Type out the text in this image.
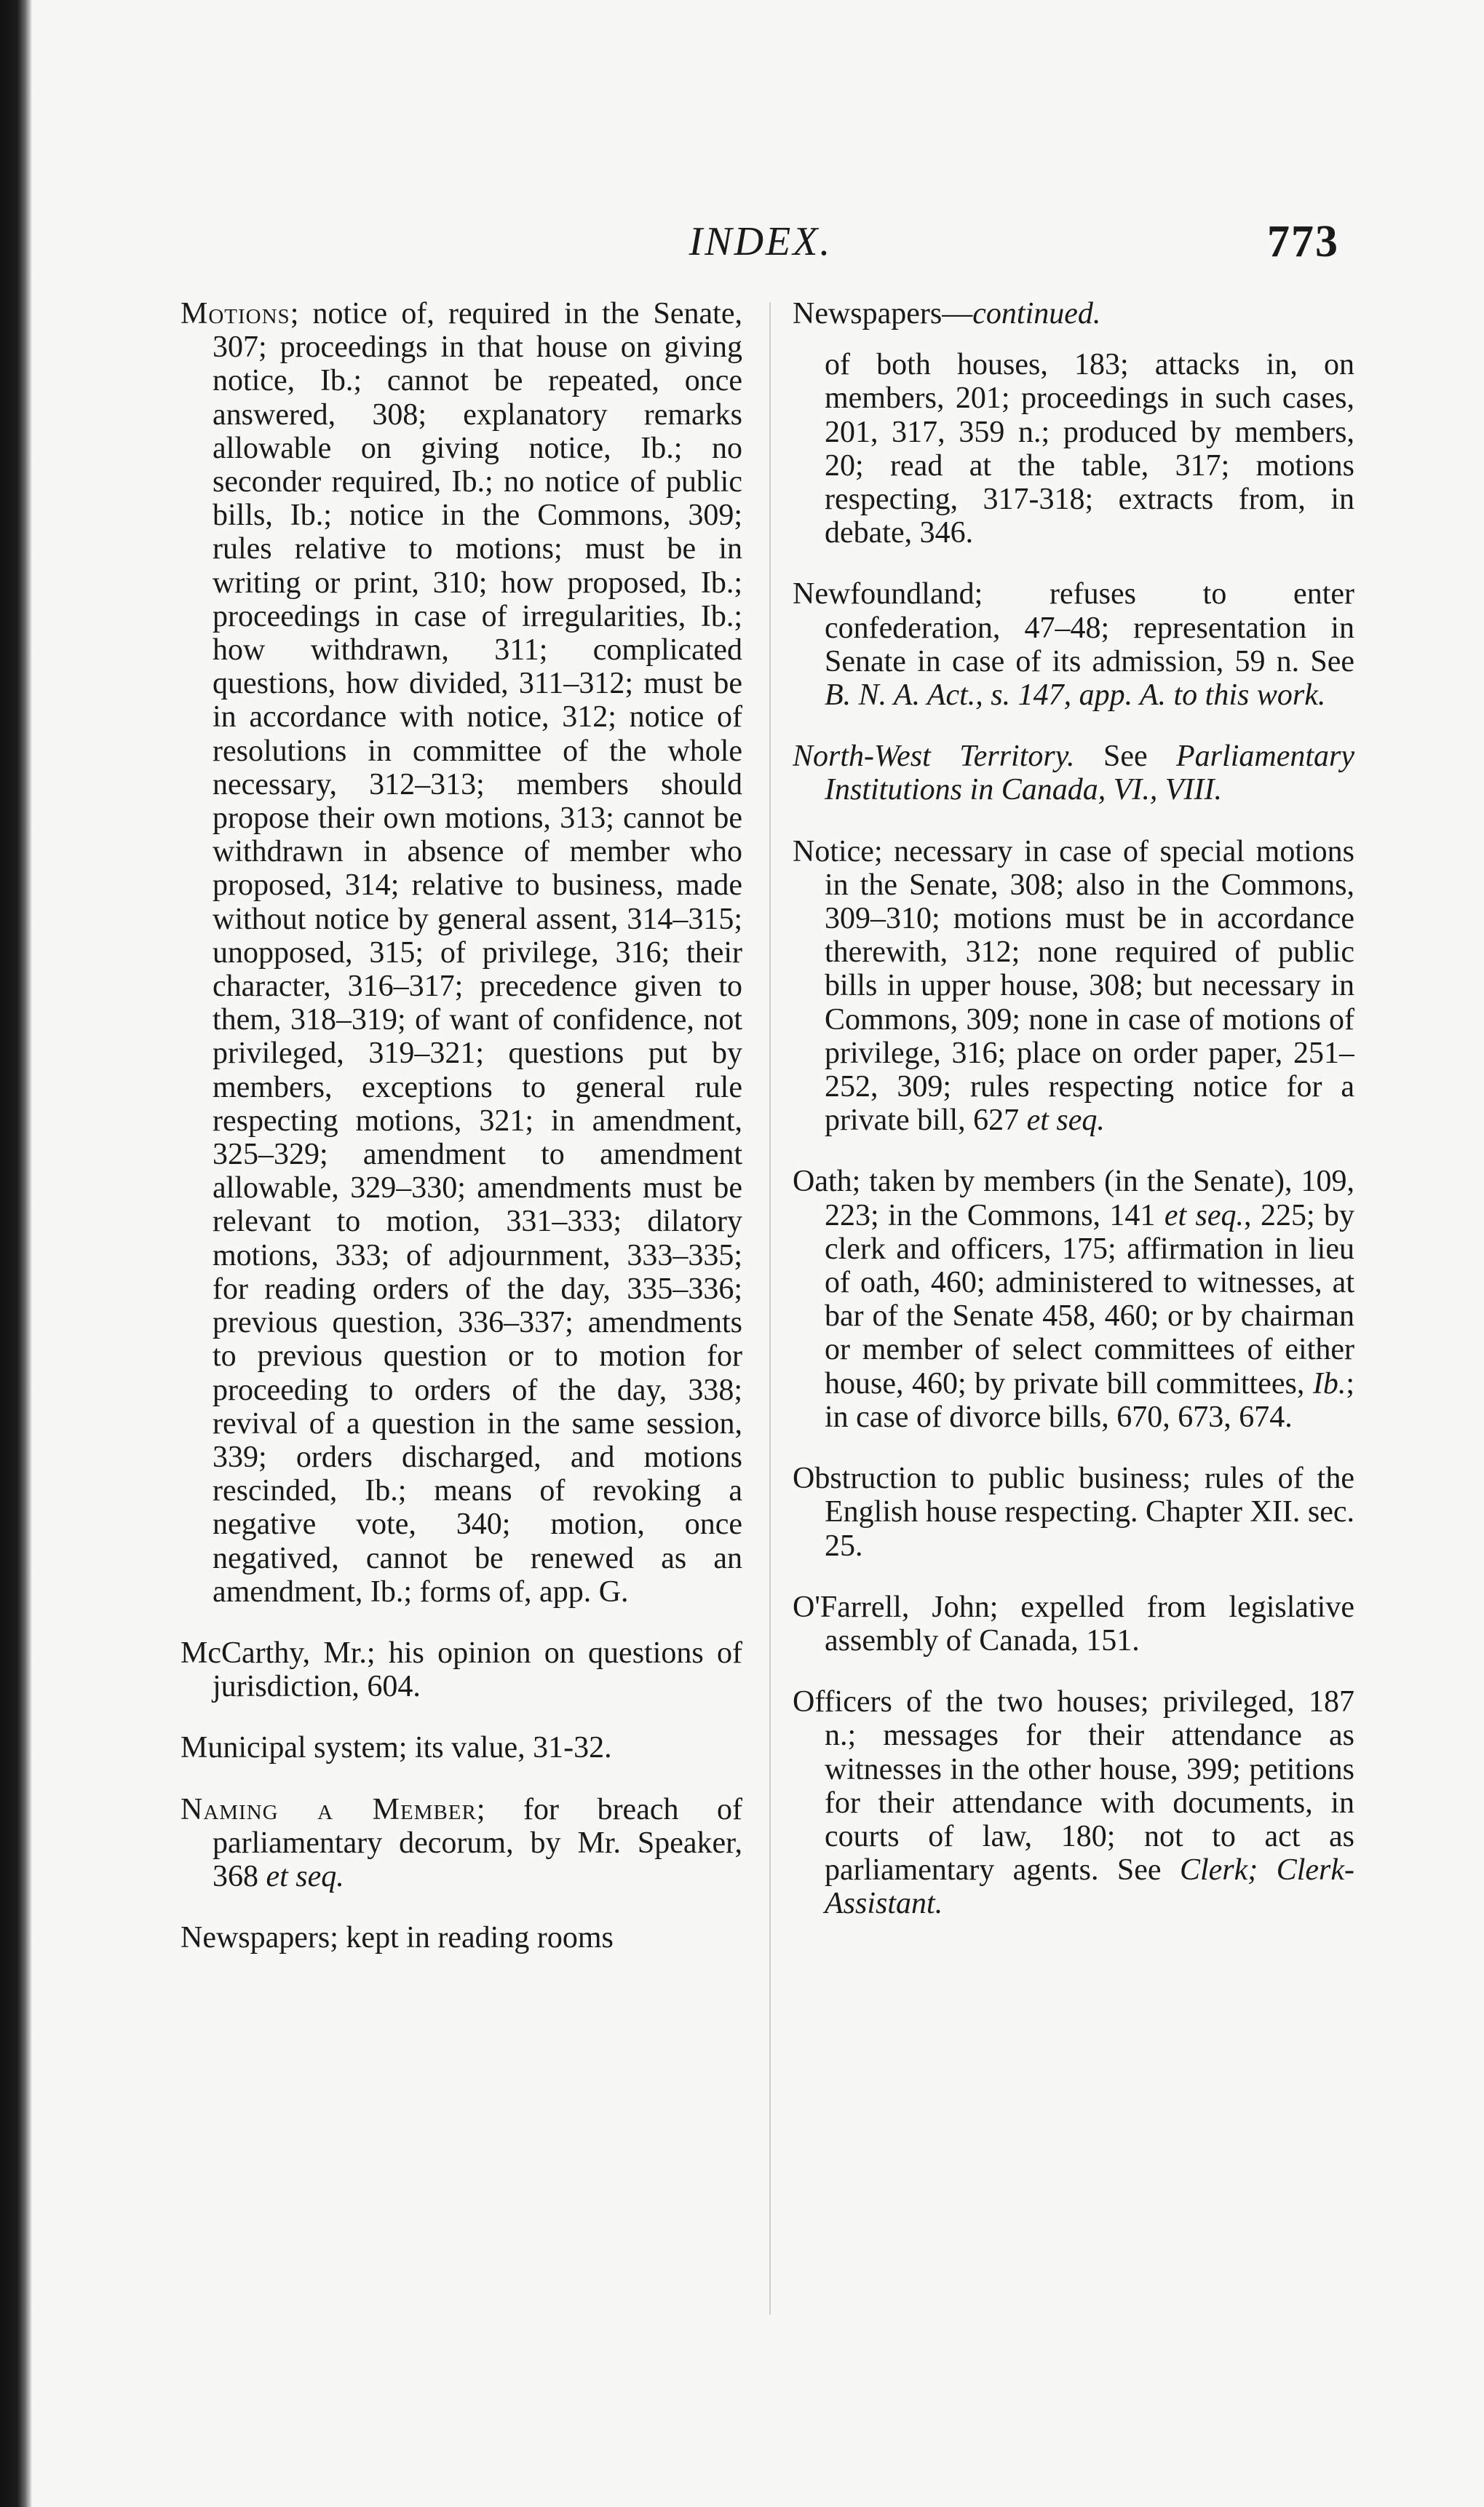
INDEX.	773

Motions; notice of, required in the Senate, 307; proceedings in that house on giving notice, Ib.; cannot be repeated, once answered, 308; explanatory remarks allowable on giving notice, Ib.; no seconder required, Ib.; no notice of public bills, Ib.; notice in the Commons, 309; rules relative to motions; must be in writing or print, 310; how proposed, Ib.; proceedings in case of irregularities, Ib.; how withdrawn, 311; complicated questions, how divided, 311–312; must be in accordance with notice, 312; notice of resolutions in committee of the whole necessary, 312–313; members should propose their own motions, 313; cannot be withdrawn in absence of member who proposed, 314; relative to business, made without notice by general assent, 314–315; unopposed, 315; of privilege, 316; their character, 316–317; precedence given to them, 318–319; of want of confidence, not privileged, 319–321; questions put by members, exceptions to general rule respecting motions, 321; in amendment, 325–329; amendment to amendment allowable, 329–330; amendments must be relevant to motion, 331–333; dilatory motions, 333; of adjournment, 333–335; for reading orders of the day, 335–336; previous question, 336–337; amendments to previous question or to motion for proceeding to orders of the day, 338; revival of a question in the same session, 339; orders discharged, and motions rescinded, Ib.; means of revoking a negative vote, 340; motion, once negatived, cannot be renewed as an amendment, Ib.; forms of, app. G.

McCarthy, Mr.; his opinion on questions of jurisdiction, 604.

Municipal system; its value, 31-32.

Naming a Member; for breach of parliamentary decorum, by Mr. Speaker, 368 et seq.

Newspapers; kept in reading rooms

Newspapers—continued.

of both houses, 183; attacks in, on members, 201; proceedings in such cases, 201, 317, 359 n.; produced by members, 20; read at the table, 317; motions respecting, 317-318; extracts from, in debate, 346.

Newfoundland; refuses to enter confederation, 47–48; representation in Senate in case of its admission, 59 n. See B. N. A. Act., s. 147, app. A. to this work.

North-West Territory. See Parliamentary Institutions in Canada, VI., VIII.

Notice; necessary in case of special motions in the Senate, 308; also in the Commons, 309–310; motions must be in accordance therewith, 312; none required of public bills in upper house, 308; but necessary in Commons, 309; none in case of motions of privilege, 316; place on order paper, 251–252, 309; rules respecting notice for a private bill, 627 et seq.

Oath; taken by members (in the Senate), 109, 223; in the Commons, 141 et seq., 225; by clerk and officers, 175; affirmation in lieu of oath, 460; administered to witnesses, at bar of the Senate 458, 460; or by chairman or member of select committees of either house, 460; by private bill committees, Ib.; in case of divorce bills, 670, 673, 674.

Obstruction to public business; rules of the English house respecting. Chapter XII. sec. 25.

O'Farrell, John; expelled from legislative assembly of Canada, 151.

Officers of the two houses; privileged, 187 n.; messages for their attendance as witnesses in the other house, 399; petitions for their attendance with documents, in courts of law, 180; not to act as parliamentary agents. See Clerk; Clerk-Assistant.
